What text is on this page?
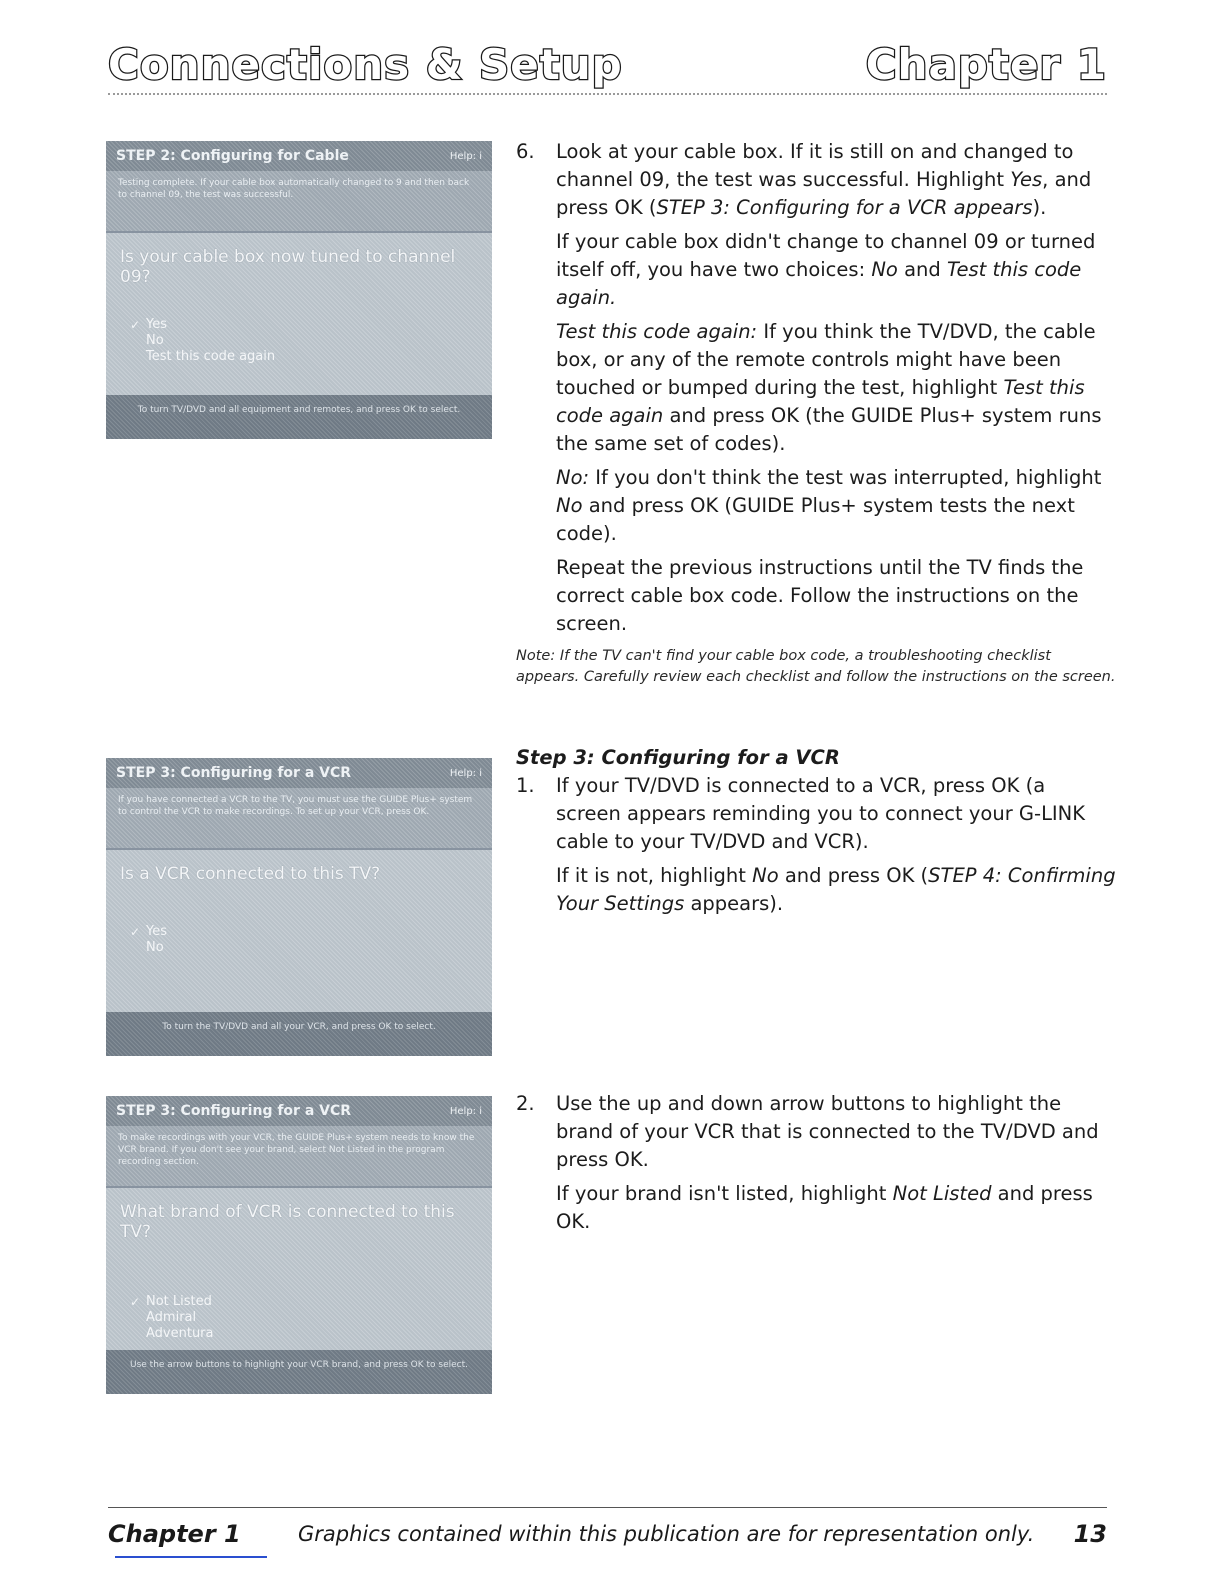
Connections & Setup	Chapter 1
STEP 2: Configuring for Cable	Help: i
Testing complete. If your cable box automatically changed to 9 and then back to channel 09, the test was successful.
Is your cable box now tuned to channel 09?
✓ Yes
No
Test this code again
To turn TV/DVD and all equipment and remotes, and press OK to select.
STEP 3: Configuring for a VCR	Help: i
If you have connected a VCR to the TV, you must use the GUIDE Plus+ system to control the VCR to make recordings. To set up your VCR, press OK.
Is a VCR connected to this TV?
✓ Yes
No
To turn the TV/DVD and all your VCR, and press OK to select.
STEP 3: Configuring for a VCR	Help: i
To make recordings with your VCR, the GUIDE Plus+ system needs to know the VCR brand. If you don't see your brand, select Not Listed in the program recording section.
What brand of VCR is connected to this TV?
✓ Not Listed
Admiral
Adventura
Use the arrow buttons to highlight your VCR brand, and press OK to select.
6.	Look at your cable box. If it is still on and changed to channel 09, the test was successful. Highlight Yes, and press OK (STEP 3: Configuring for a VCR appears).
If your cable box didn't change to channel 09 or turned itself off, you have two choices: No and Test this code again.
Test this code again: If you think the TV/DVD, the cable box, or any of the remote controls might have been touched or bumped during the test, highlight Test this code again and press OK (the GUIDE Plus+ system runs the same set of codes).
No: If you don't think the test was interrupted, highlight No and press OK (GUIDE Plus+ system tests the next code).
Repeat the previous instructions until the TV finds the correct cable box code. Follow the instructions on the screen.
Note: If the TV can't find your cable box code, a troubleshooting checklist appears. Carefully review each checklist and follow the instructions on the screen.
Step 3: Configuring for a VCR
1.	If your TV/DVD is connected to a VCR, press OK (a screen appears reminding you to connect your G-LINK cable to your TV/DVD and VCR).
If it is not, highlight No and press OK (STEP 4: Confirming Your Settings appears).
2.	Use the up and down arrow buttons to highlight the brand of your VCR that is connected to the TV/DVD and press OK.
If your brand isn't listed, highlight Not Listed and press OK.
Chapter 1	Graphics contained within this publication are for representation only. 13
